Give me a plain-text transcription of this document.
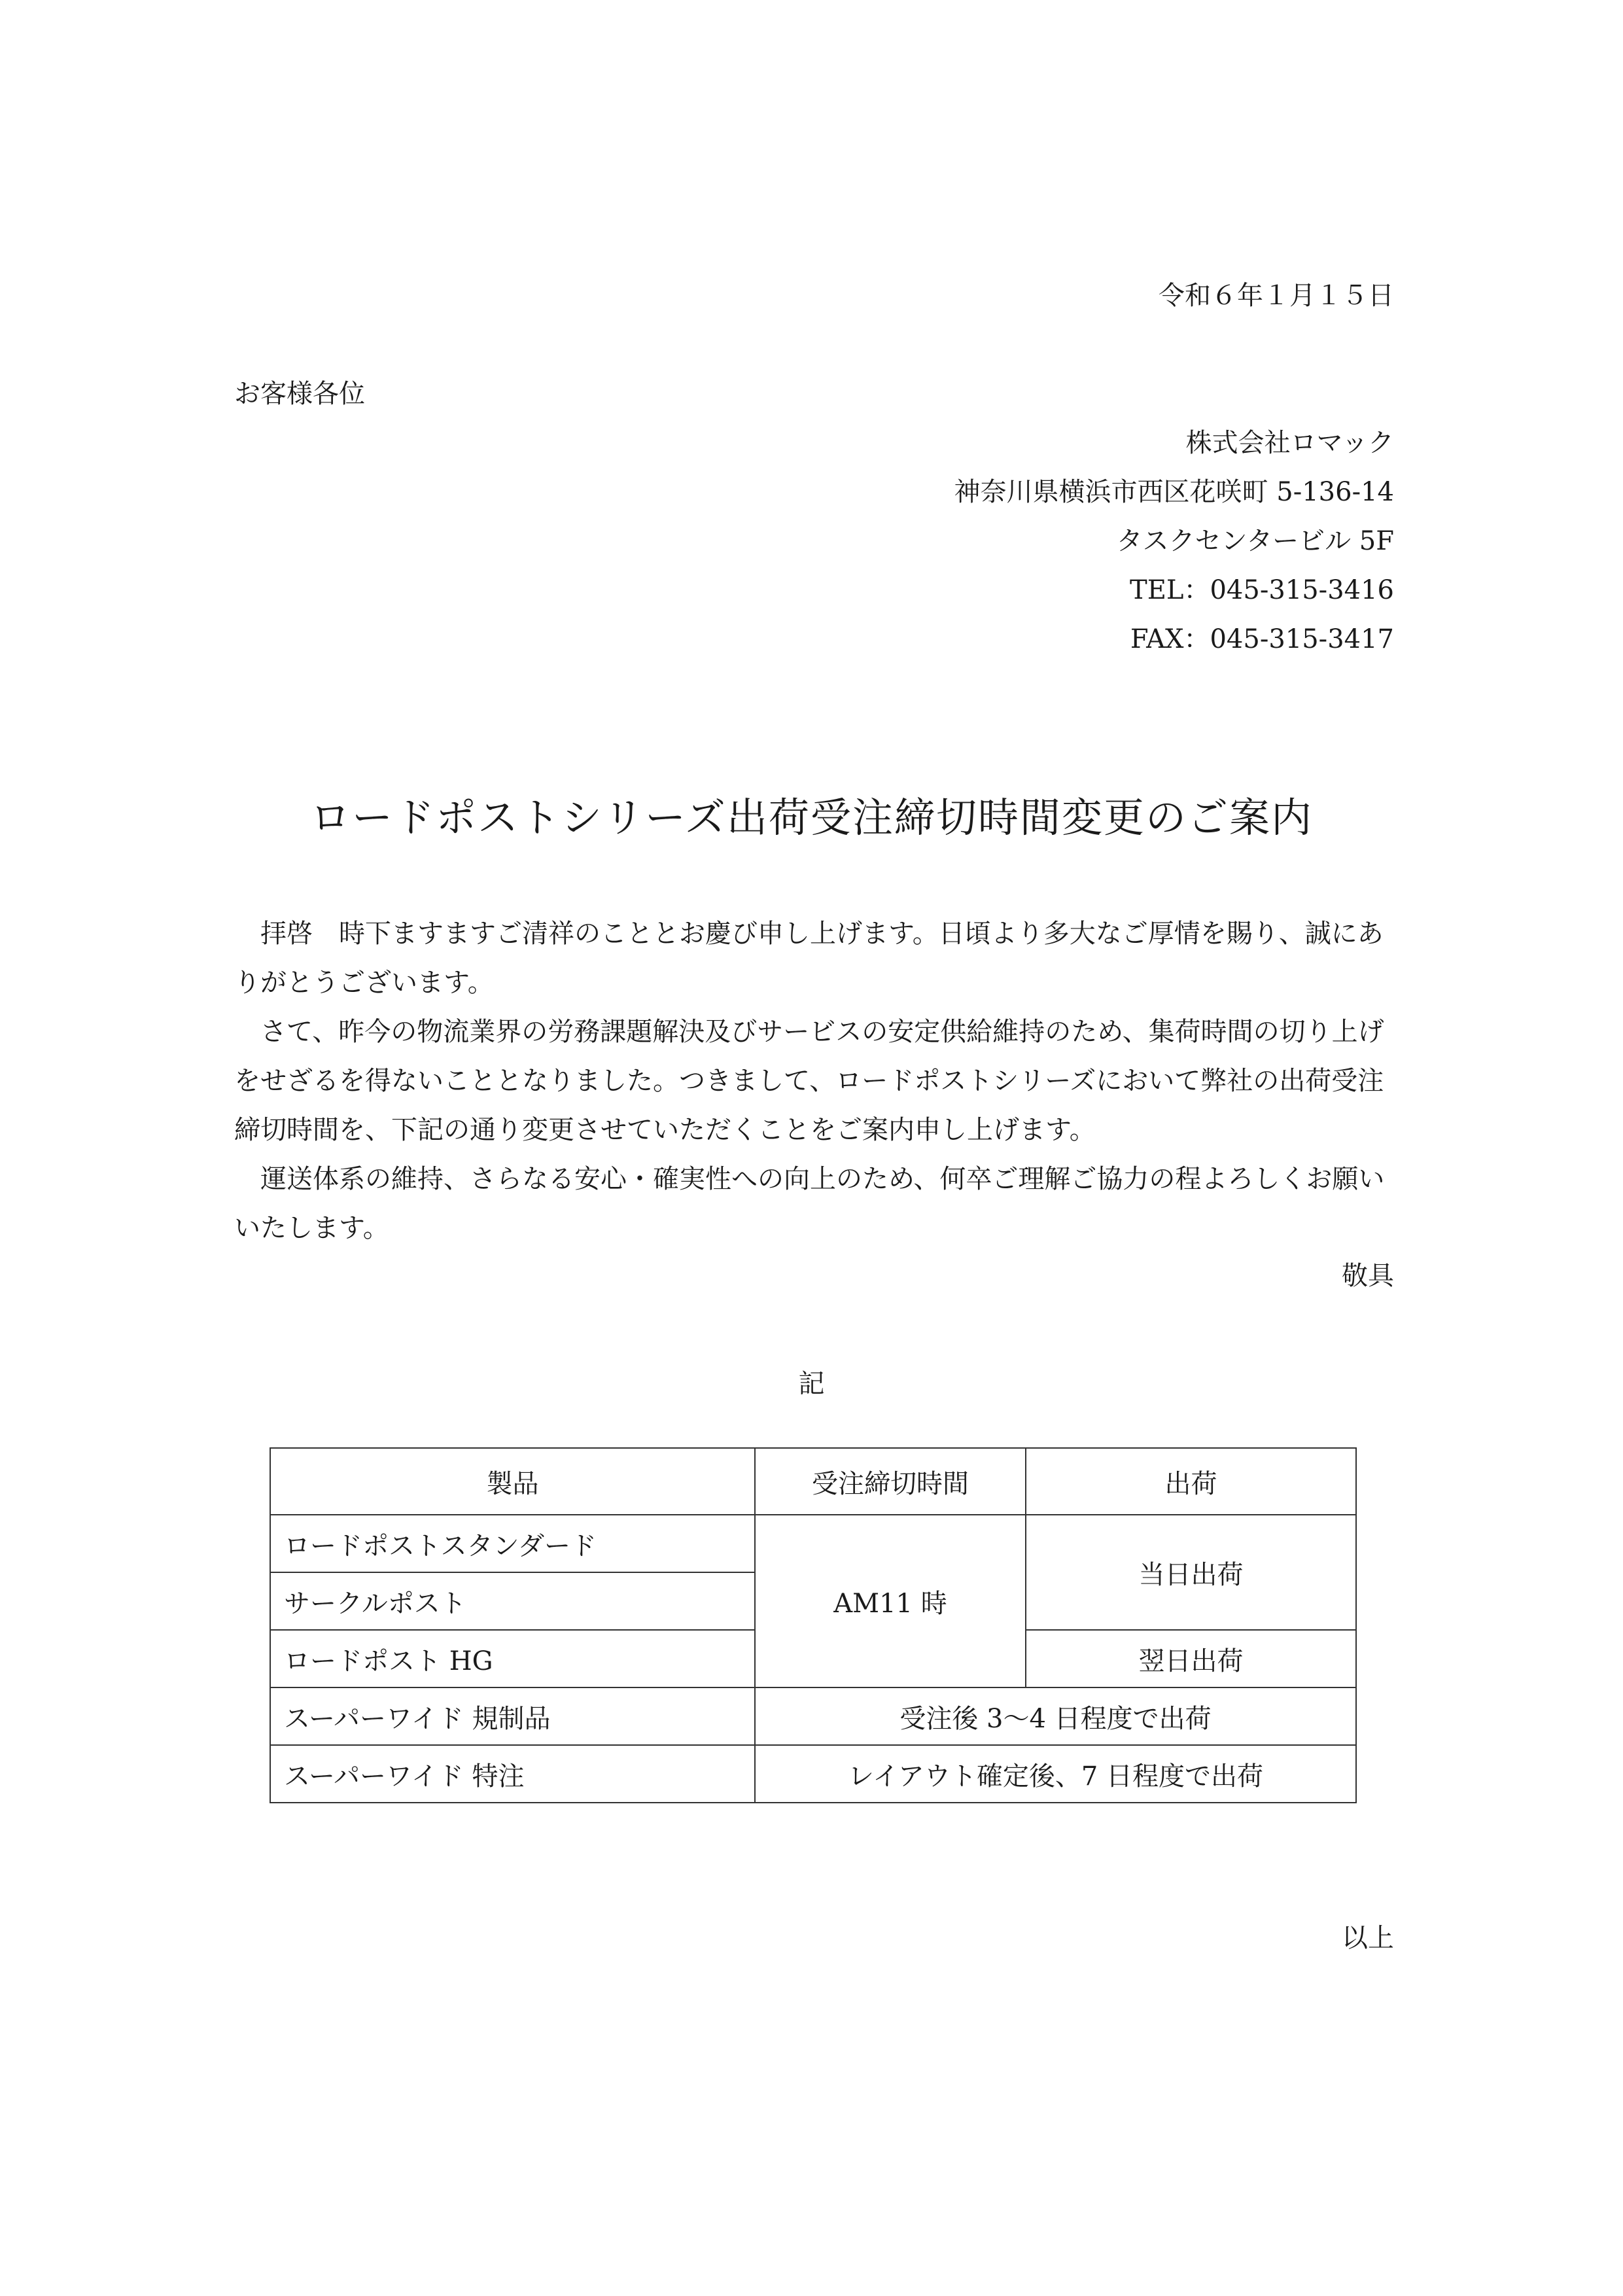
令和６年１月１５日
お客様各位
株式会社ロマック
神奈川県横浜市西区花咲町 5-136-14
タスクセンタービル 5F
TEL：045-315-3416
FAX：045-315-3417
ロードポストシリーズ出荷受注締切時間変更のご案内

拝啓　時下ますますご清祥のこととお慶び申し上げます。日頃より多大なご厚情を賜り、誠にありがとうございます。

さて、昨今の物流業界の労務課題解決及びサービスの安定供給維持のため、集荷時間の切り上げをせざるを得ないこととなりました。つきまして、ロードポストシリーズにおいて弊社の出荷受注締切時間を、下記の通り変更させていただくことをご案内申し上げます。

運送体系の維持、さらなる安心・確実性への向上のため、何卒ご理解ご協力の程よろしくお願いいたします。

敬具
記
製品	受注締切時間	出荷
ロードポストスタンダード	AM11 時	当日出荷
サークルポスト		
ロードポスト HG		翌日出荷
スーパーワイド 規制品	受注後 3〜4 日程度で出荷	
スーパーワイド 特注	レイアウト確定後、7 日程度で出荷	
以上
